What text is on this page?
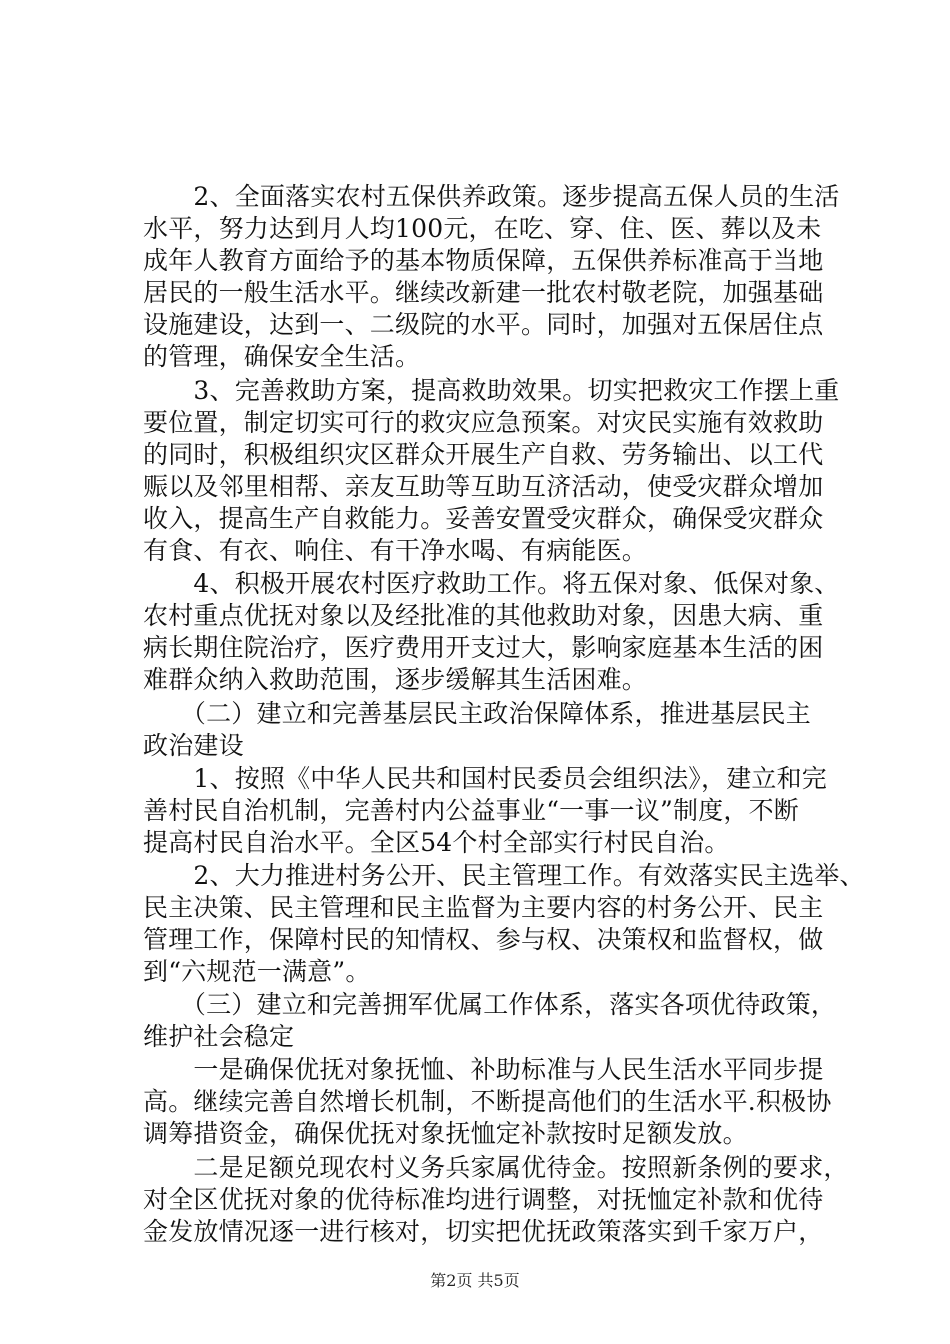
　　2、全面落实农村五保供养政策。逐步提高五保人员的生活
水平，努力达到月人均100元，在吃、穿、住、医、葬以及未
成年人教育方面给予的基本物质保障，五保供养标准高于当地
居民的一般生活水平。继续改新建一批农村敬老院，加强基础
设施建设，达到一、二级院的水平。同时，加强对五保居住点
的管理，确保安全生活。
　　3、完善救助方案，提高救助效果。切实把救灾工作摆上重
要位置，制定切实可行的救灾应急预案。对灾民实施有效救助
的同时，积极组织灾区群众开展生产自救、劳务输出、以工代
赈以及邻里相帮、亲友互助等互助互济活动，使受灾群众增加
收入，提高生产自救能力。妥善安置受灾群众，确保受灾群众
有食、有衣、响住、有干净水喝、有病能医。
　　4、积极开展农村医疗救助工作。将五保对象、低保对象、
农村重点优抚对象以及经批准的其他救助对象，因患大病、重
病长期住院治疗，医疗费用开支过大，影响家庭基本生活的困
难群众纳入救助范围，逐步缓解其生活困难。
　　（二）建立和完善基层民主政治保障体系，推进基层民主
政治建设
　　1、按照《中华人民共和国村民委员会组织法》，建立和完
善村民自治机制，完善村内公益事业“一事一议”制度，不断
提高村民自治水平。全区54个村全部实行村民自治。
　　2、大力推进村务公开、民主管理工作。有效落实民主选举、
民主决策、民主管理和民主监督为主要内容的村务公开、民主
管理工作，保障村民的知情权、参与权、决策权和监督权，做
到“六规范一满意”。
　　（三）建立和完善拥军优属工作体系，落实各项优待政策，
维护社会稳定
　　一是确保优抚对象抚恤、补助标准与人民生活水平同步提
高。继续完善自然增长机制，不断提高他们的生活水平.积极协
调筹措资金，确保优抚对象抚恤定补款按时足额发放。
　　二是足额兑现农村义务兵家属优待金。按照新条例的要求，
对全区优抚对象的优待标准均进行调整，对抚恤定补款和优待
金发放情况逐一进行核对，切实把优抚政策落实到千家万户，
第2页 共5页
